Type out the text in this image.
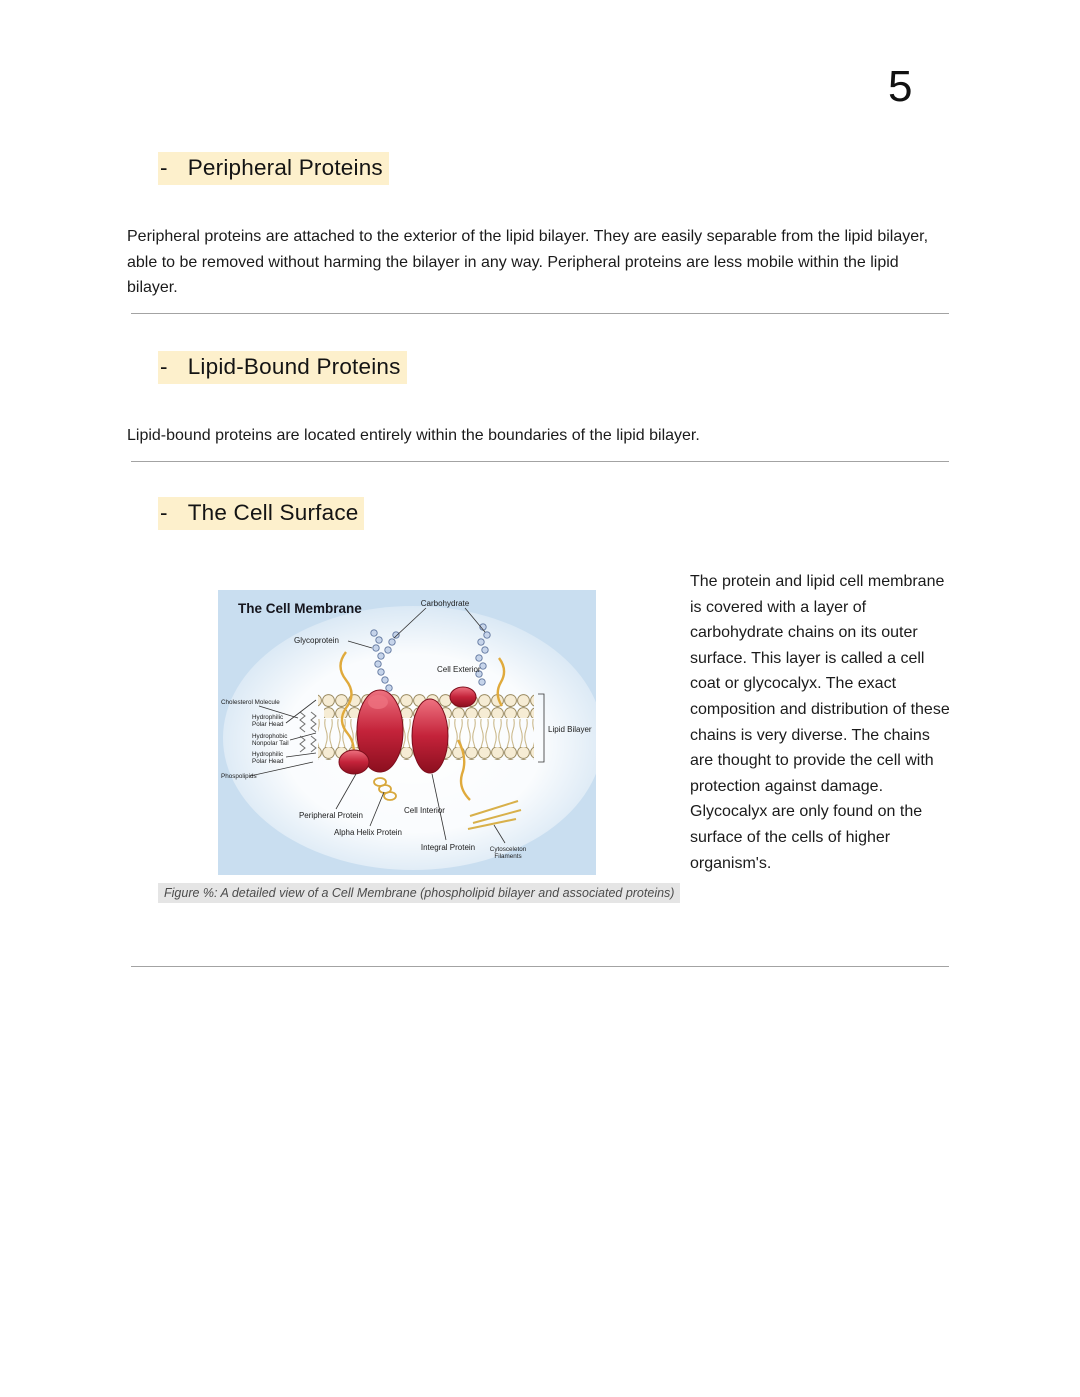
5
- Peripheral Proteins
Peripheral proteins are attached to the exterior of the lipid bilayer. They are easily separable from the lipid bilayer, able to be removed without harming the bilayer in any way. Peripheral proteins are less mobile within the lipid bilayer.
- Lipid-Bound Proteins
Lipid-bound proteins are located entirely within the boundaries of the lipid bilayer.
- The Cell Surface
The Cell Membrane	Carbohydrate
Glycoprotein
Cell Exterior
Cholesterol Molecule
Hydrophilic
Polar Head
Hydrophobic
Nonpolar Tail
Hydrophilic
Polar Head
Phospolipids
Lipid Bilayer
Peripheral Protein
Cell Interior
Alpha Helix Protein
Integral Protein Cytosceleton
Filaments
Figure %: A detailed view of a Cell Membrane (phospholipid bilayer and associated proteins)
The protein and lipid cell membrane is covered with a layer of carbohydrate chains on its outer surface. This layer is called a cell coat or glycocalyx. The exact composition and distribution of these chains is very diverse. The chains are thought to provide the cell with protection against damage. Glycocalyx are only found on the surface of the cells of higher organism's.
